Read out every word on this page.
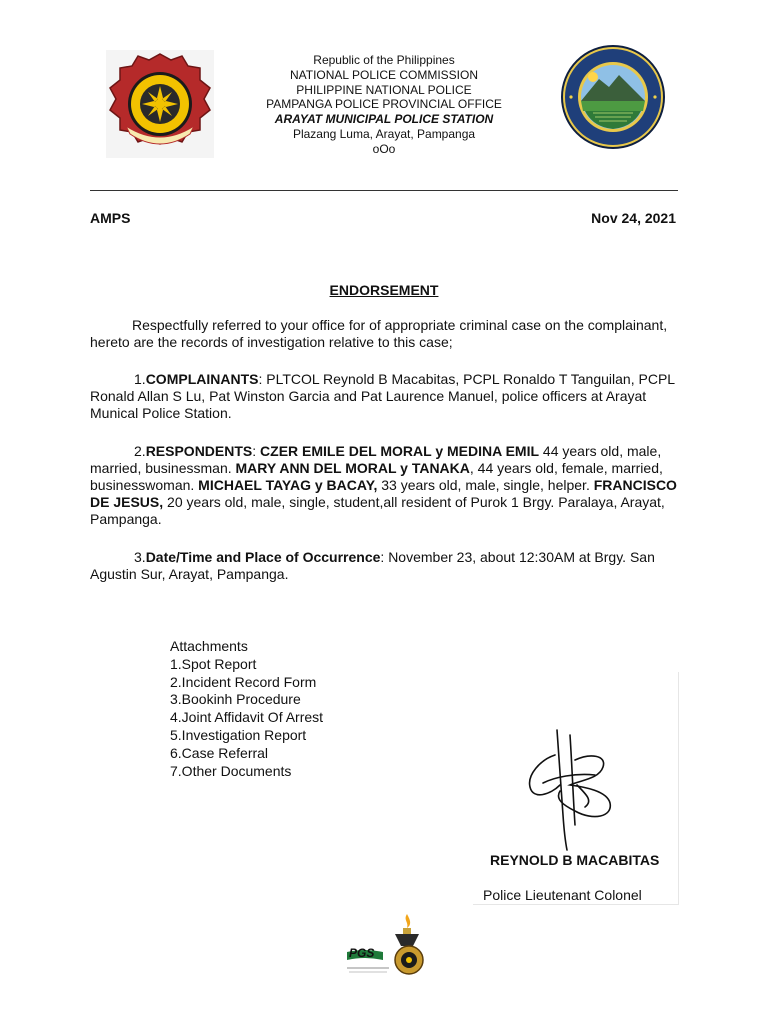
Republic of the Philippines
NATIONAL POLICE COMMISSION
PHILIPPINE NATIONAL POLICE
PAMPANGA POLICE PROVINCIAL OFFICE
ARAYAT MUNICIPAL POLICE STATION
Plazang Luma, Arayat, Pampanga
oOo
AMPS	Nov 24, 2021
ENDORSEMENT

Respectfully referred to your office for of appropriate criminal case on the complainant, hereto are the records of investigation relative to this case;

1.COMPLAINANTS: PLTCOL Reynold B Macabitas, PCPL Ronaldo T Tanguilan, PCPL Ronald Allan S Lu, Pat Winston Garcia and Pat Laurence Manuel, police officers at Arayat Munical Police Station.

2.RESPONDENTS: CZER EMILE DEL MORAL y MEDINA EMIL 44 years old, male, married, businessman. MARY ANN DEL MORAL y TANAKA, 44 years old, female, married, businesswoman. MICHAEL TAYAG y BACAY, 33 years old, male, single, helper. FRANCISCO DE JESUS, 20 years old, male, single, student,all resident of Purok 1 Brgy. Paralaya, Arayat, Pampanga.

3.Date/Time and Place of Occurrence: November 23, about 12:30AM at Brgy. San Agustin Sur, Arayat, Pampanga.

Attachments
1.Spot Report
2.Incident Record Form
3.Bookinh Procedure
4.Joint Affidavit Of Arrest
5.Investigation Report
6.Case Referral
7.Other Documents
REYNOLD B MACABITAS
Police Lieutenant Colonel
PGS
